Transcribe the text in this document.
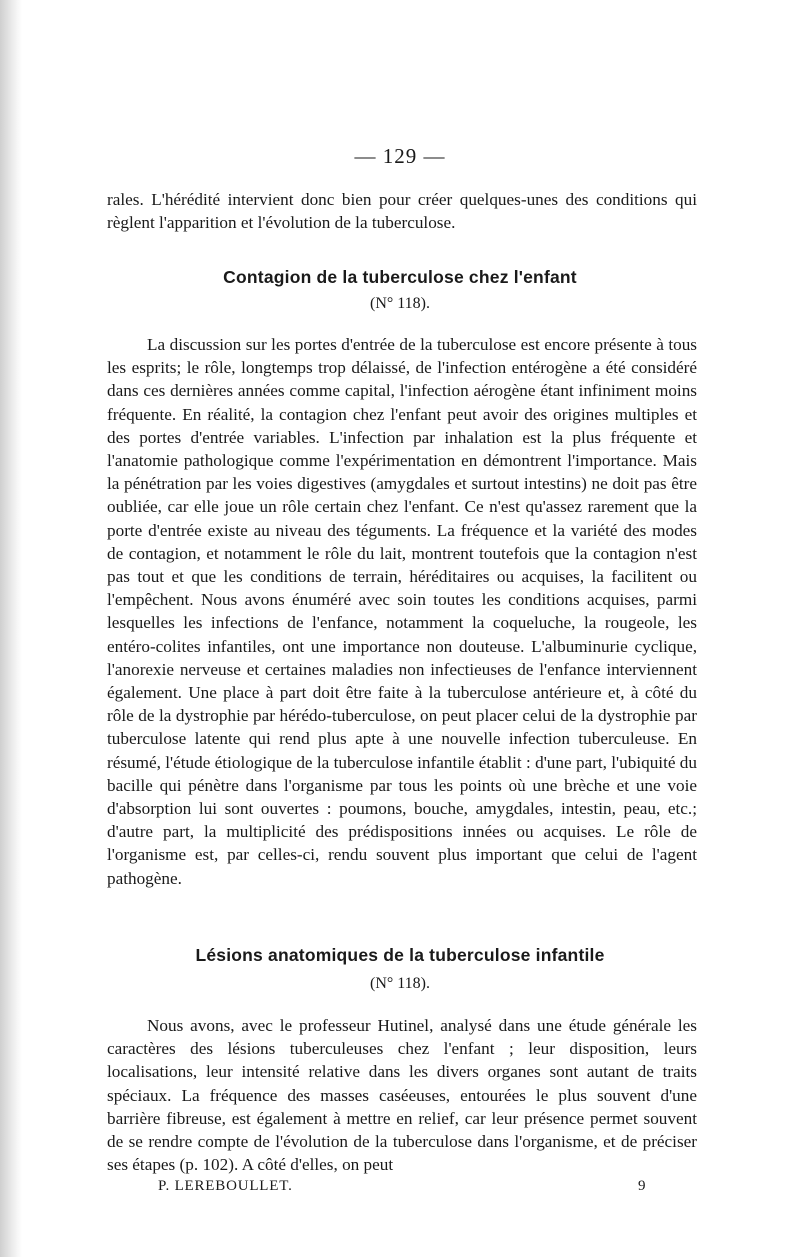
— 129 —

rales. L'hérédité intervient donc bien pour créer quelques-unes des conditions qui règlent l'apparition et l'évolution de la tuberculose.

Contagion de la tuberculose chez l'enfant
(N° 118).

La discussion sur les portes d'entrée de la tuberculose est encore présente à tous les esprits; le rôle, longtemps trop délaissé, de l'infection entérogène a été considéré dans ces dernières années comme capital, l'infection aérogène étant infiniment moins fréquente. En réalité, la contagion chez l'enfant peut avoir des origines multiples et des portes d'entrée variables. L'infection par inhalation est la plus fréquente et l'anatomie pathologique comme l'expérimentation en démontrent l'importance. Mais la pénétration par les voies digestives (amygdales et surtout intestins) ne doit pas être oubliée, car elle joue un rôle certain chez l'enfant. Ce n'est qu'assez rarement que la porte d'entrée existe au niveau des téguments. La fréquence et la variété des modes de contagion, et notamment le rôle du lait, montrent toutefois que la contagion n'est pas tout et que les conditions de terrain, héréditaires ou acquises, la facilitent ou l'empêchent. Nous avons énuméré avec soin toutes les conditions acquises, parmi lesquelles les infections de l'enfance, notamment la coqueluche, la rougeole, les entéro-colites infantiles, ont une importance non douteuse. L'albuminurie cyclique, l'anorexie nerveuse et certaines maladies non infectieuses de l'enfance interviennent également. Une place à part doit être faite à la tuberculose antérieure et, à côté du rôle de la dystrophie par hérédo-tuberculose, on peut placer celui de la dystrophie par tuberculose latente qui rend plus apte à une nouvelle infection tuberculeuse. En résumé, l'étude étiologique de la tuberculose infantile établit : d'une part, l'ubiquité du bacille qui pénètre dans l'organisme par tous les points où une brèche et une voie d'absorption lui sont ouvertes : poumons, bouche, amygdales, intestin, peau, etc.; d'autre part, la multiplicité des prédispositions innées ou acquises. Le rôle de l'organisme est, par celles-ci, rendu souvent plus important que celui de l'agent pathogène.

Lésions anatomiques de la tuberculose infantile
(N° 118).

Nous avons, avec le professeur Hutinel, analysé dans une étude générale les caractères des lésions tuberculeuses chez l'enfant ; leur disposition, leurs localisations, leur intensité relative dans les divers organes sont autant de traits spéciaux. La fréquence des masses caséeuses, entourées le plus souvent d'une barrière fibreuse, est également à mettre en relief, car leur présence permet souvent de se rendre compte de l'évolution de la tuberculose dans l'organisme, et de préciser ses étapes (p. 102). A côté d'elles, on peut

P. LEREBOULLET.	9
